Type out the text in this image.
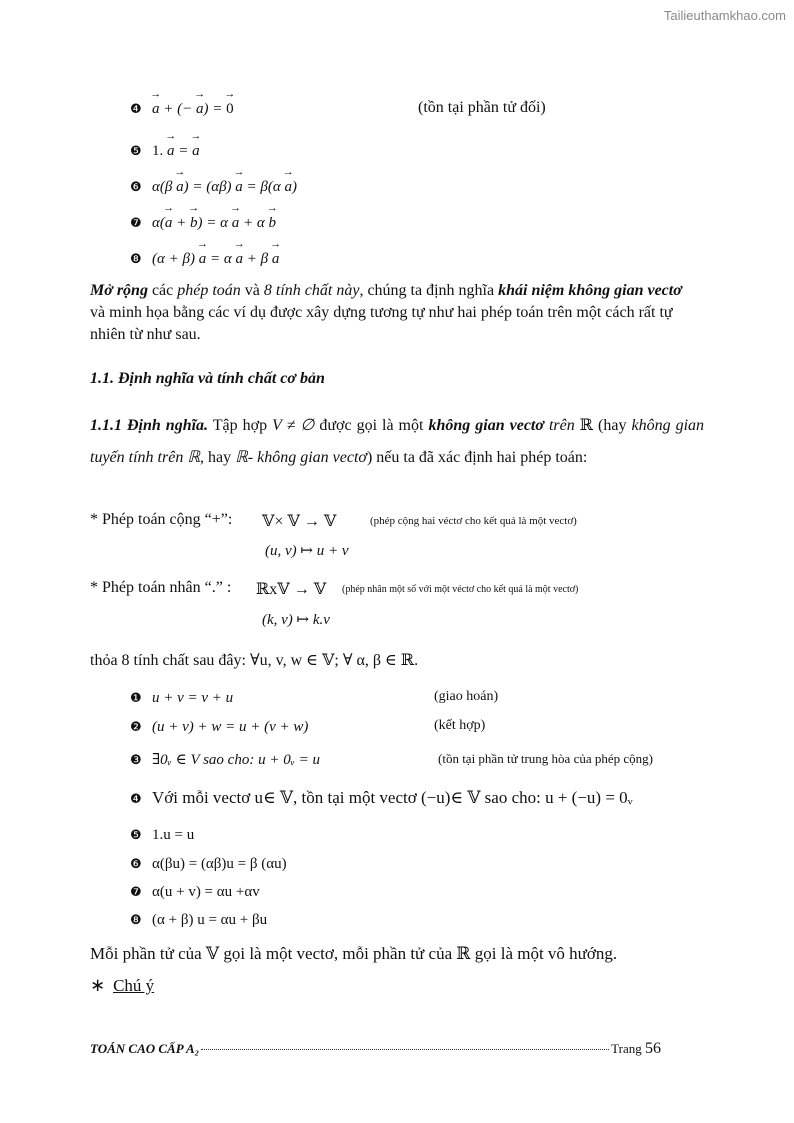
Tailieuthamkhao.com
❹ → a + (− → a) = → 0	(tồn tại phần tử đối)
❺ 1. → a = → a
❻ α(β → a) = (αβ) → a = β(α → a)
❼ α(→ a + → b) = α → a + α → b
❽ (α + β) → a = α → a + β → a
Mở rộng các phép toán và 8 tính chất này, chúng ta định nghĩa khái niệm không gian vectơ và minh họa bằng các ví dụ được xây dựng tương tự như hai phép toán trên một cách rất tự nhiên từ như sau.
1.1. Định nghĩa và tính chất cơ bản
1.1.1 Định nghĩa. Tập hợp V ≠ ∅ được gọi là một không gian vectơ trên ℝ (hay không gian tuyến tính trên ℝ, hay ℝ- không gian vectơ) nếu ta đã xác định hai phép toán:
* Phép toán cộng “+”: 𝕍× 𝕍 → 𝕍	(phép cộng hai véctơ cho kết quả là một vectơ)
(u, v) ↦ u + v
* Phép toán nhân “.” : ℝx𝕍 → 𝕍 (phép nhân một số với một véctơ cho kết quả là một vectơ)
(k, v) ↦ k.v
thỏa 8 tính chất sau đây: ∀u, v, w ∈ 𝕍; ∀ α, β ∈ ℝ.
❶ u + v = v + u	(giao hoán)
❷ (u + v) + w = u + (v + w)	(kết hợp)
❸ ∃0ᵥ ∈ V sao cho: u + 0ᵥ = u	(tồn tại phần tử trung hòa của phép cộng)
❹ Với mỗi vectơ u∈ 𝕍, tồn tại một vectơ (−u)∈ 𝕍 sao cho: u + (−u) = 0ᵥ
❺ 1.u = u
❻ α(βu) = (αβ)u = β (αu)
❼ α(u + v) = αu +αv
❽ (α + β) u = αu + βu
Mỗi phần tử của 𝕍 gọi là một vectơ, mỗi phần tử của ℝ gọi là một vô hướng.
∗ Chú ý
TOÁN CAO CẤP A₂	Trang 56
